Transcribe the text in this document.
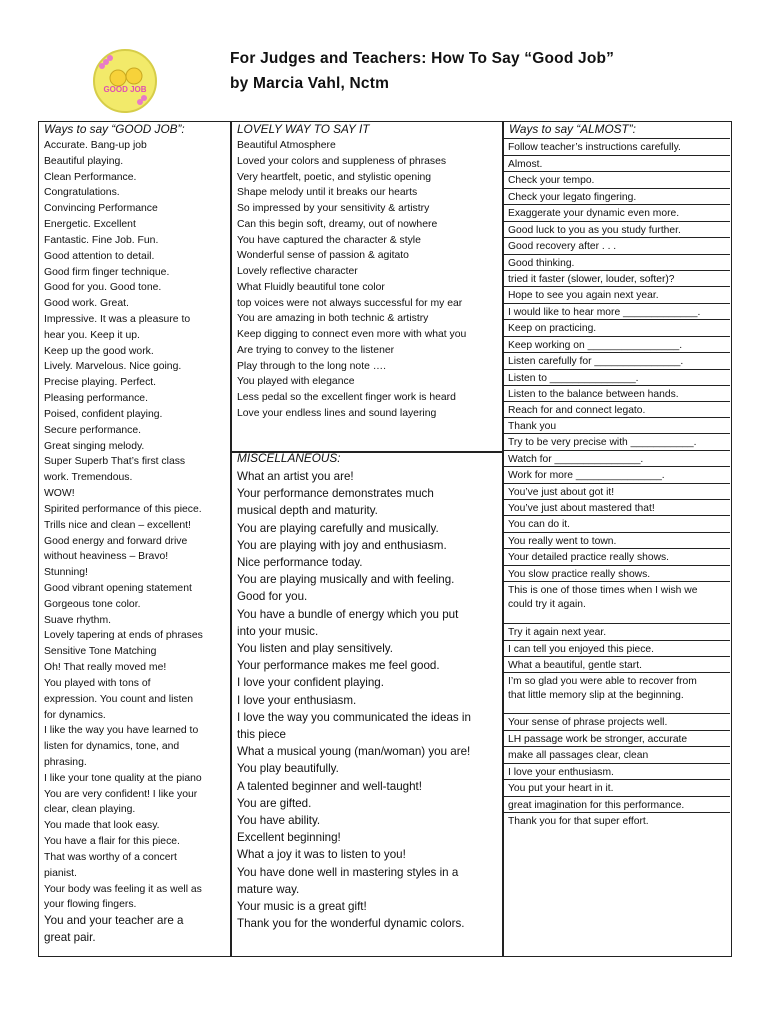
GOOD JOB
For Judges and Teachers: How To Say “Good Job”
by Marcia Vahl, Nctm
Ways to say “GOOD JOB”:
Accurate. Bang-up job
Beautiful playing.
Clean Performance.
Congratulations.
Convincing Performance
Energetic. Excellent
Fantastic. Fine Job. Fun.
Good attention to detail.
Good firm finger technique.
Good for you. Good tone.
Good work. Great.
Impressive. It was a pleasure to
hear you. Keep it up.
Keep up the good work.
Lively. Marvelous. Nice going.
Precise playing. Perfect.
Pleasing performance.
Poised, confident playing.
Secure performance.
Great singing melody.
Super Superb That’s first class
work. Tremendous.
WOW!
Spirited performance of this piece.
Trills nice and clean – excellent!
Good energy and forward drive
without heaviness – Bravo!
Stunning!
Good vibrant opening statement
Gorgeous tone color.
Suave rhythm.
Lovely tapering at ends of phrases
Sensitive Tone Matching
Oh! That really moved me!
You played with tons of
expression. You count and listen
for dynamics.
I like the way you have learned to
listen for dynamics, tone, and
phrasing.
I like your tone quality at the piano
You are very confident! I like your
clear, clean playing.
You made that look easy.
You have a flair for this piece.
That was worthy of a concert
pianist.
Your body was feeling it as well as
your flowing fingers.
You and your teacher are a
great pair.
LOVELY WAY TO SAY IT
Beautiful Atmosphere
Loved your colors and suppleness of phrases
Very heartfelt, poetic, and stylistic opening
Shape melody until it breaks our hearts
So impressed by your sensitivity & artistry
Can this begin soft, dreamy, out of nowhere
You have captured the character & style
Wonderful sense of passion & agitato
Lovely reflective character
What Fluidly beautiful tone color
top voices were not always successful for my ear
You are amazing in both technic & artistry
Keep digging to connect even more with what you
Are trying to convey to the listener
Play through to the long note ….
You played with elegance
Less pedal so the excellent finger work is heard
Love your endless lines and sound layering
MISCELLANEOUS:
What an artist you are!
Your performance demonstrates much
musical depth and maturity.
You are playing carefully and musically.
You are playing with joy and enthusiasm.
Nice performance today.
You are playing musically and with feeling.
Good for you.
You have a bundle of energy which you put
into your music.
You listen and play sensitively.
Your performance makes me feel good.
I love your confident playing.
I love your enthusiasm.
I love the way you communicated the ideas in
this piece
What a musical young (man/woman) you are!
You play beautifully.
A talented beginner and well-taught!
You are gifted.
You have ability.
Excellent beginning!
What a joy it was to listen to you!
You have done well in mastering styles in a
mature way.
Your music is a great gift!
Thank you for the wonderful dynamic colors.
Ways to say “ALMOST”:
Follow teacher’s instructions carefully.
Almost.
Check your tempo.
Check your legato fingering.
Exaggerate your dynamic even more.
Good luck to you as you study further.
Good recovery after . . .
Good thinking.
tried it faster (slower, louder, softer)?
Hope to see you again next year.
I would like to hear more _____________.
Keep on practicing.
Keep working on ________________.
Listen carefully for _______________.
Listen to _______________.
Listen to the balance between hands.
Reach for and connect legato.
Thank you
Try to be very precise with ___________.
Watch for _______________.
Work for more _______________.
You’ve just about got it!
You’ve just about mastered that!
You can do it.
You really went to town.
Your detailed practice really shows.
You slow practice really shows.
This is one of those times when I wish we
could try it again.
Try it again next year.
I can tell you enjoyed this piece.
What a beautiful, gentle start.
I’m so glad you were able to recover from
that little memory slip at the beginning.
Your sense of phrase projects well.
LH passage work be stronger, accurate
make all passages clear, clean
I love your enthusiasm.
You put your heart in it.
great imagination for this performance.
Thank you for that super effort.
